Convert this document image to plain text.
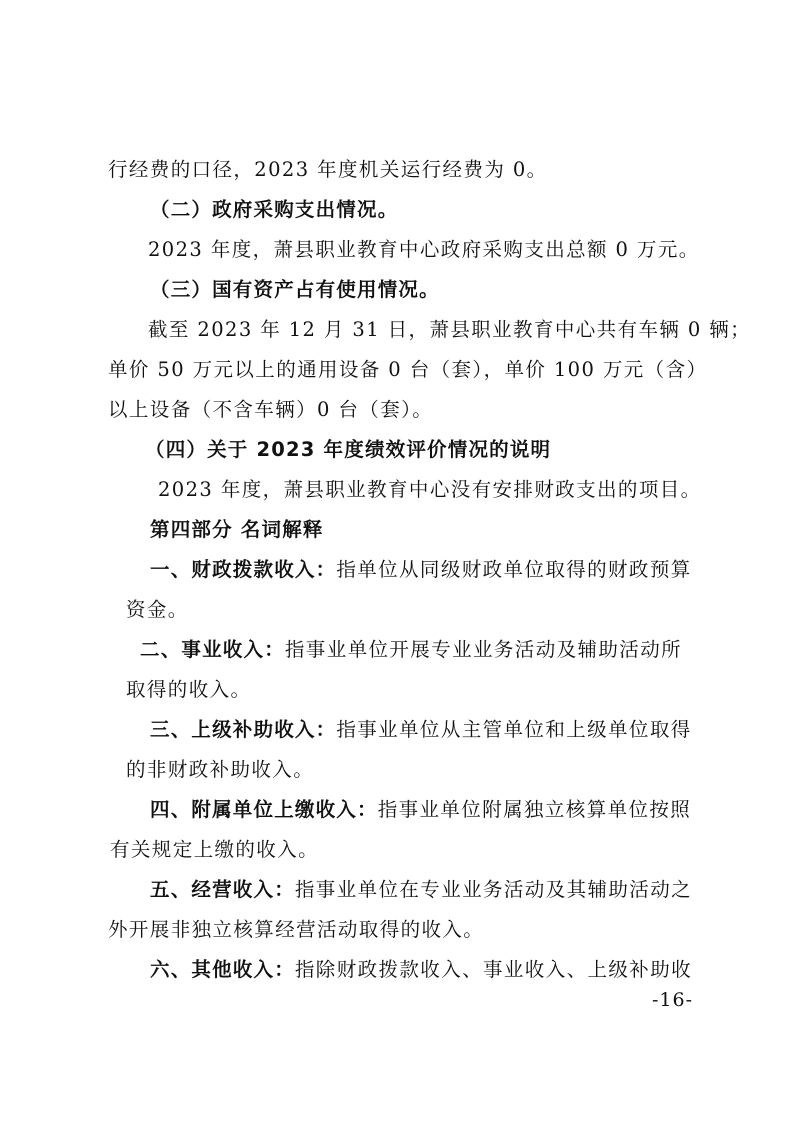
行经费的口径，2023 年度机关运行经费为 0。
（二）政府采购支出情况。
2023 年度，萧县职业教育中心政府采购支出总额 0 万元。
（三）国有资产占有使用情况。
截至 2023 年 12 月 31 日，萧县职业教育中心共有车辆 0 辆；
单价 50 万元以上的通用设备 0 台（套），单价 100 万元（含）
以上设备（不含车辆）0 台（套）。
（四）关于 2023 年度绩效评价情况的说明
2023 年度，萧县职业教育中心没有安排财政支出的项目。
第四部分 名词解释
一、财政拨款收入：指单位从同级财政单位取得的财政预算
资金。
二、事业收入：指事业单位开展专业业务活动及辅助活动所
取得的收入。
三、上级补助收入：指事业单位从主管单位和上级单位取得
的非财政补助收入。
四、附属单位上缴收入：指事业单位附属独立核算单位按照
有关规定上缴的收入。
五、经营收入：指事业单位在专业业务活动及其辅助活动之
外开展非独立核算经营活动取得的收入。
六、其他收入：指除财政拨款收入、事业收入、上级补助收
-16-
